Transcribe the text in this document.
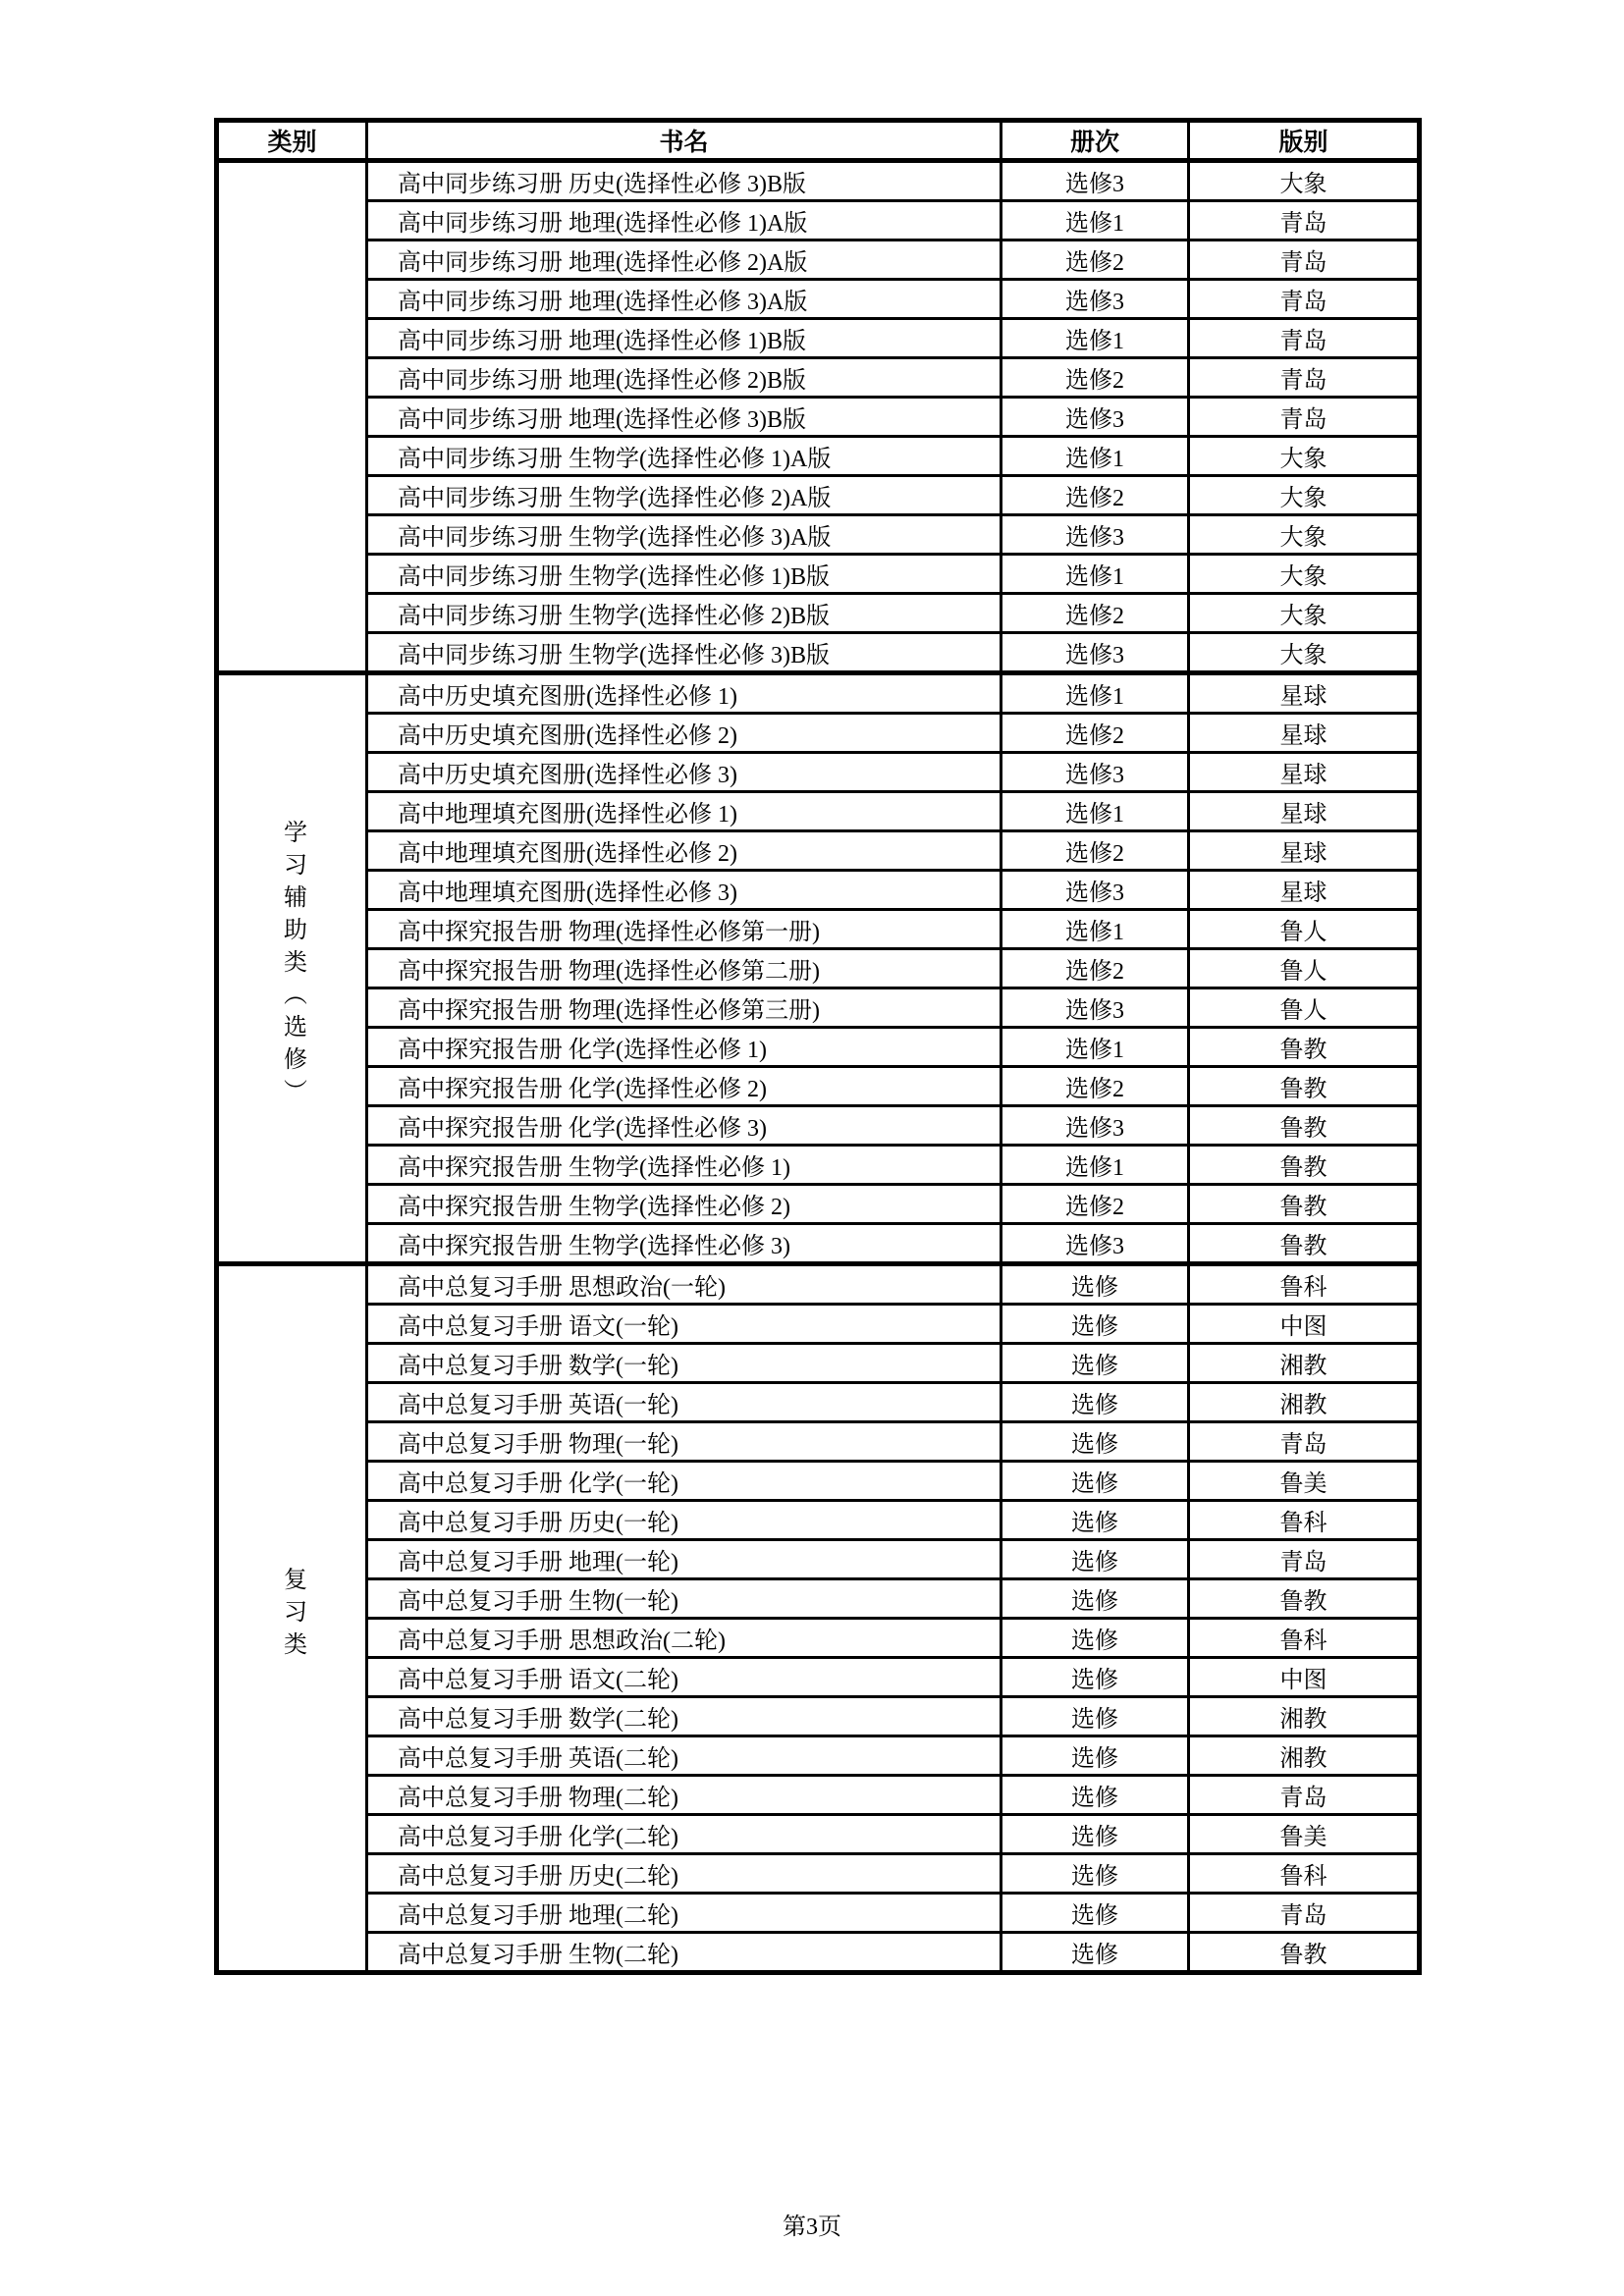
类别	书名	册次	版别
	高中同步练习册 历史(选择性必修 3)B版	选修3	大象
	高中同步练习册 地理(选择性必修 1)A版	选修1	青岛
	高中同步练习册 地理(选择性必修 2)A版	选修2	青岛
	高中同步练习册 地理(选择性必修 3)A版	选修3	青岛
	高中同步练习册 地理(选择性必修 1)B版	选修1	青岛
	高中同步练习册 地理(选择性必修 2)B版	选修2	青岛
	高中同步练习册 地理(选择性必修 3)B版	选修3	青岛
	高中同步练习册 生物学(选择性必修 1)A版	选修1	大象
	高中同步练习册 生物学(选择性必修 2)A版	选修2	大象
	高中同步练习册 生物学(选择性必修 3)A版	选修3	大象
	高中同步练习册 生物学(选择性必修 1)B版	选修1	大象
	高中同步练习册 生物学(选择性必修 2)B版	选修2	大象
	高中同步练习册 生物学(选择性必修 3)B版	选修3	大象
学习辅助类（选修）	高中历史填充图册(选择性必修 1)	选修1	星球
	高中历史填充图册(选择性必修 2)	选修2	星球
	高中历史填充图册(选择性必修 3)	选修3	星球
	高中地理填充图册(选择性必修 1)	选修1	星球
	高中地理填充图册(选择性必修 2)	选修2	星球
	高中地理填充图册(选择性必修 3)	选修3	星球
	高中探究报告册 物理(选择性必修第一册)	选修1	鲁人
	高中探究报告册 物理(选择性必修第二册)	选修2	鲁人
	高中探究报告册 物理(选择性必修第三册)	选修3	鲁人
	高中探究报告册 化学(选择性必修 1)	选修1	鲁教
	高中探究报告册 化学(选择性必修 2)	选修2	鲁教
	高中探究报告册 化学(选择性必修 3)	选修3	鲁教
	高中探究报告册 生物学(选择性必修 1)	选修1	鲁教
	高中探究报告册 生物学(选择性必修 2)	选修2	鲁教
	高中探究报告册 生物学(选择性必修 3)	选修3	鲁教
复习类	高中总复习手册 思想政治(一轮)	选修	鲁科
	高中总复习手册 语文(一轮)	选修	中图
	高中总复习手册 数学(一轮)	选修	湘教
	高中总复习手册 英语(一轮)	选修	湘教
	高中总复习手册 物理(一轮)	选修	青岛
	高中总复习手册 化学(一轮)	选修	鲁美
	高中总复习手册 历史(一轮)	选修	鲁科
	高中总复习手册 地理(一轮)	选修	青岛
	高中总复习手册 生物(一轮)	选修	鲁教
	高中总复习手册 思想政治(二轮)	选修	鲁科
	高中总复习手册 语文(二轮)	选修	中图
	高中总复习手册 数学(二轮)	选修	湘教
	高中总复习手册 英语(二轮)	选修	湘教
	高中总复习手册 物理(二轮)	选修	青岛
	高中总复习手册 化学(二轮)	选修	鲁美
	高中总复习手册 历史(二轮)	选修	鲁科
	高中总复习手册 地理(二轮)	选修	青岛
	高中总复习手册 生物(二轮)	选修	鲁教
第3页
